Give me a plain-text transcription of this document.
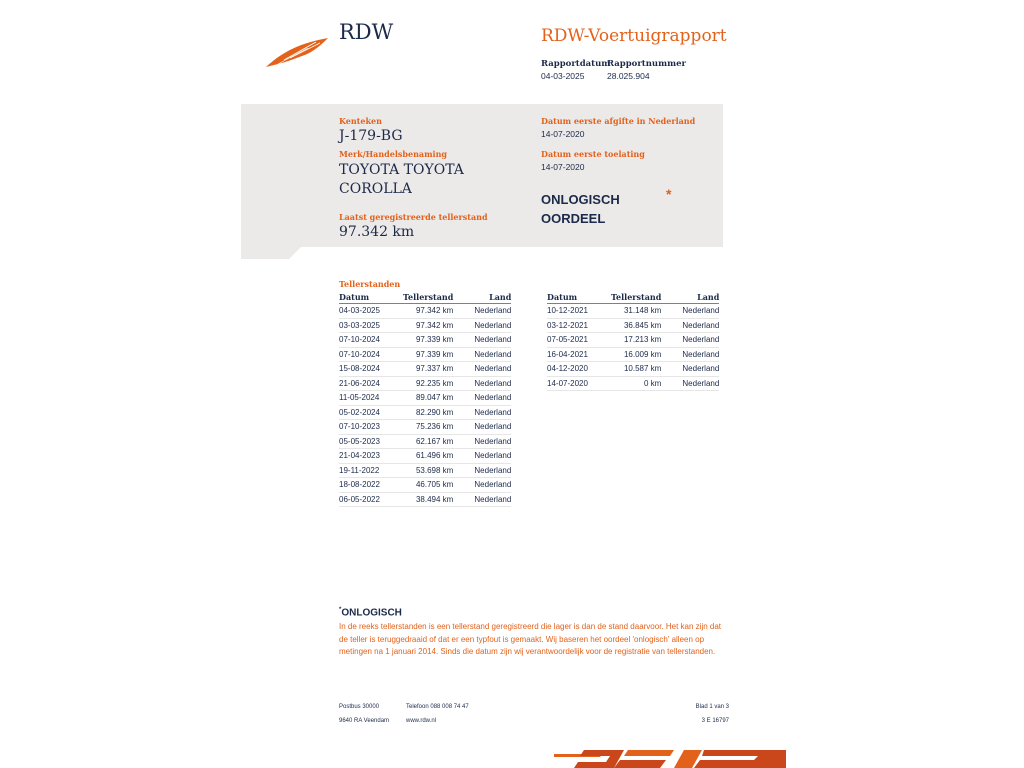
RDW	RDW-Voertuigrapport
Rapportdatum
04-03-2025
Rapportnummer
28.025.904
Kenteken
J-179-BG
Merk/Handelsbenaming
TOYOTA TOYOTA
COROLLA
Laatst geregistreerde tellerstand
97.342 km
Datum eerste afgifte in Nederland
14-07-2020
Datum eerste toelating
14-07-2020
ONLOGISCH
OORDEEL
*
Tellerstanden
Datum	Tellerstand	Land
04-03-2025	97.342 km	Nederland
03-03-2025	97.342 km	Nederland
07-10-2024	97.339 km	Nederland
07-10-2024	97.339 km	Nederland
15-08-2024	97.337 km	Nederland
21-06-2024	92.235 km	Nederland
11-05-2024	89.047 km	Nederland
05-02-2024	82.290 km	Nederland
07-10-2023	75.236 km	Nederland
05-05-2023	62.167 km	Nederland
21-04-2023	61.496 km	Nederland
19-11-2022	53.698 km	Nederland
18-08-2022	46.705 km	Nederland
06-05-2022	38.494 km	Nederland
Datum	Tellerstand	Land
10-12-2021	31.148 km	Nederland
03-12-2021	36.845 km	Nederland
07-05-2021	17.213 km	Nederland
16-04-2021	16.009 km	Nederland
04-12-2020	10.587 km	Nederland
14-07-2020	0 km	Nederland
*ONLOGISCH
In de reeks tellerstanden is een tellerstand geregistreerd die lager is dan de stand daarvoor. Het kan zijn dat de teller is teruggedraaid of dat er een typfout is gemaakt. Wij baseren het oordeel 'onlogisch' alleen op metingen na 1 januari 2014. Sinds die datum zijn wij verantwoordelijk voor de registratie van tellerstanden.
Postbus 30000
9640 RA Veendam
Telefoon 088 008 74 47
www.rdw.nl
Blad 1 van 3
3 E 16797
